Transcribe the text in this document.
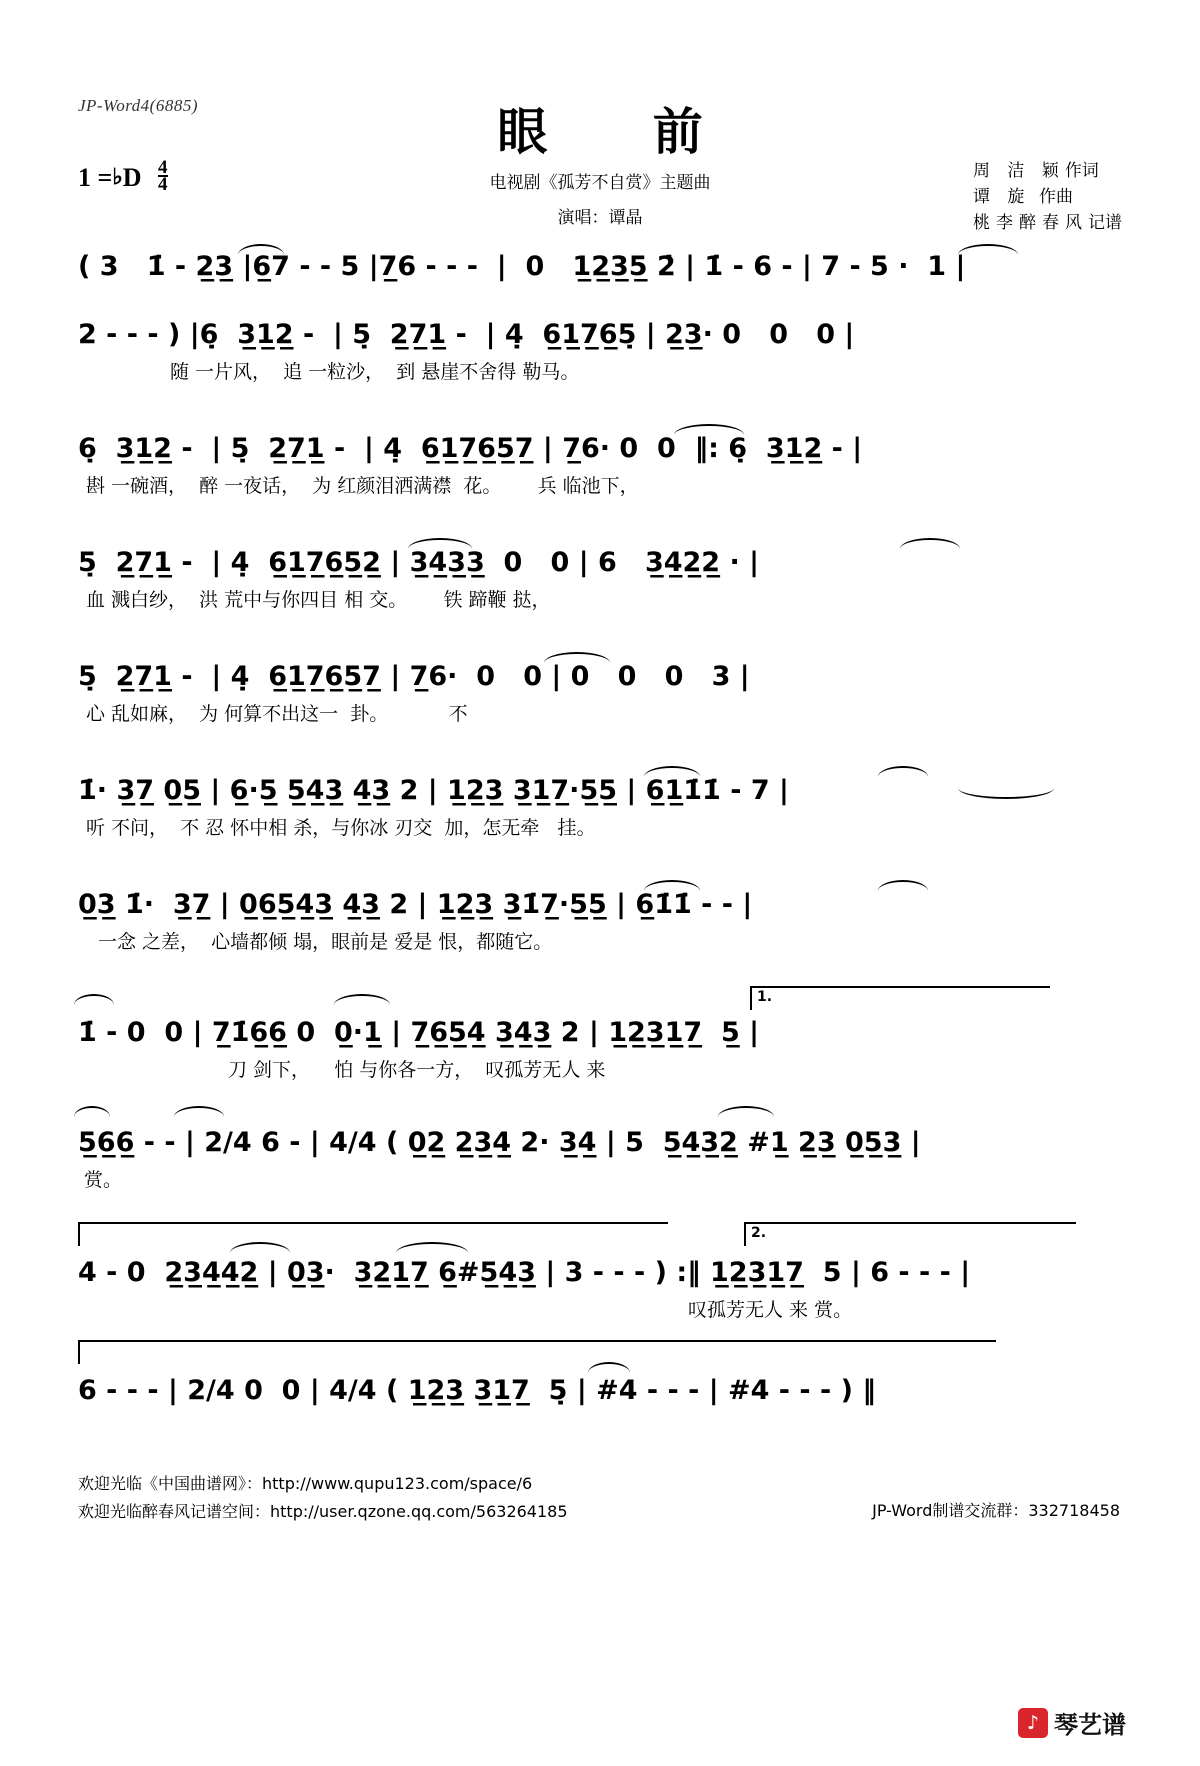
JP-Word4(6885)	眼 前
电视剧《孤芳不自赏》主题曲
演唱：谭晶
1 =♭D $\frac{4}{4}$	周 洁 颖作词
谭 旋 作曲
桃李醉春风记谱
( 3   1̇ - 2̲3̲ |6̲7 - - 5 |7̲6 - - -  |  0   1̲2̲3̲5̲ 2̇ | 1̇ - 6 - | 7 - 5 ·  1 |
2 - - - ) |6̣  3̲1̲2̲ -  | 5̣  2̲7̲1̲ -  | 4̣  6̲1̲7̲6̲5̣ | 2̲3̲· 0   0   0 |
随 一片风，  追 一粒沙，  到 悬崖不舍得 勒马。
6̣  3̲1̲2̲ -  | 5̣  2̲7̲1̲ -  | 4̣  6̲1̲7̲6̲5̲7̲ | 7̲6· 0  0  ‖: 6̣  3̲1̲2̲ - |
斟 一碗酒，  醉 一夜话，  为 红颜泪洒满襟  花。      兵 临池下，
5̣  2̲7̲1̲ -  | 4̣  6̲1̲7̲6̲5̲2̲ | 3̲4̲3̲3̲  0   0 | 6   3̲4̲2̲2̲ · |
血 溅白纱，  洪 荒中与你四目 相 交。      铁 蹄鞭 挞，
5̣  2̲7̲1̲ -  | 4̣  6̲1̲7̲6̲5̲7̲ | 7̲6·  0   0 | 0   0   0   3 |
心 乱如麻，  为 何算不出这一  卦。          不
1̇· 3̲7̲ 0̲5̲ | 6̲·5̲ 5̲4̲3̲ 4̲3̲ 2 | 1̲2̲3̲ 3̲1̲7̲·5̲5̲ | 6̲1̲1̇1̇ - 7 |
听 不问，  不 忍 怀中相 杀，与你冰 刃交  加，怎无牵   挂。
0̲3̲ 1̇·  3̲7̲ | 0̲6̲5̲4̲3̲ 4̲3̲ 2 | 1̲2̲3̲ 3̲1̇7̲·5̲5̲ | 6̲1̇1̇ - - |
一念 之差，  心墙都倾 塌，眼前是 爱是 恨，都随它。
1.
1̇ - 0  0 | 7̲1̇6̲6̲ 0  0̲·1̲ | 7̲6̲5̲4̲ 3̲4̲3̲ 2 | 1̲2̲3̲1̲7̲  5̲ |
刀 剑下，    怕 与你各一方，  叹孤芳无人 来
5̲6̲6̲ - - | 2/4 6 - | 4/4 ( 0̲2̲ 2̲3̲4̲ 2· 3̲4̲ | 5  5̲4̲3̲2̲ #1̲ 2̲3̲ 0̲5̲3̲ |
赏。
2.
4 - 0  2̲3̲4̲4̲2̲ | 0̲3̲·  3̲2̲1̲7̲ 6̲#5̲4̲3̲ | 3 - - - ) :‖ 1̲2̲3̲1̲7̲  5 | 6 - - - |
叹孤芳无人 来 赏。
6 - - - | 2/4 0  0 | 4/4 ( 1̲2̲3̲ 3̲1̲7̲  5̣ | #4 - - - | #4 - - - ) ‖
欢迎光临《中国曲谱网》：http://www.qupu123.com/space/6
欢迎光临醉春风记谱空间：http://user.qzone.qq.com/563264185	JP-Word制谱交流群：332718458
♪ 琴艺谱
